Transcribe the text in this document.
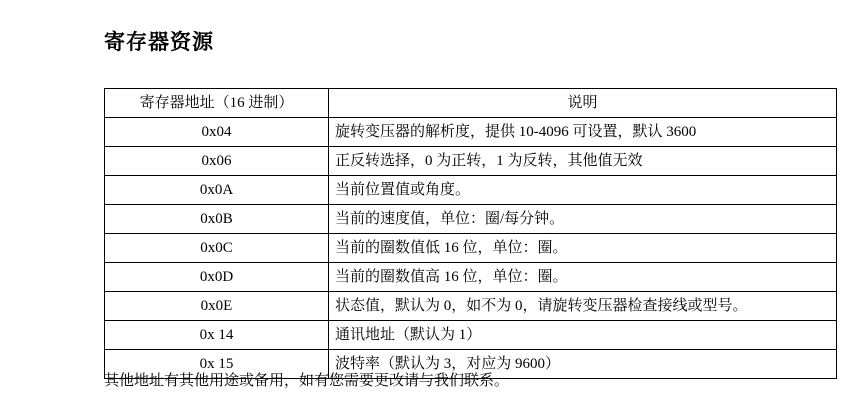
寄存器资源
寄存器地址（16 进制）	说明
0x04	旋转变压器的解析度，提供 10-4096 可设置，默认 3600
0x06	正反转选择，0 为正转，1 为反转，其他值无效
0x0A	当前位置值或角度。
0x0B	当前的速度值，单位：圈/每分钟。
0x0C	当前的圈数值低 16 位，单位：圈。
0x0D	当前的圈数值高 16 位，单位：圈。
0x0E	状态值，默认为 0，如不为 0，请旋转变压器检查接线或型号。
0x 14	通讯地址（默认为 1）
0x 15	波特率（默认为 3，对应为 9600）
其他地址有其他用途或备用，如有您需要更改请与我们联系。
